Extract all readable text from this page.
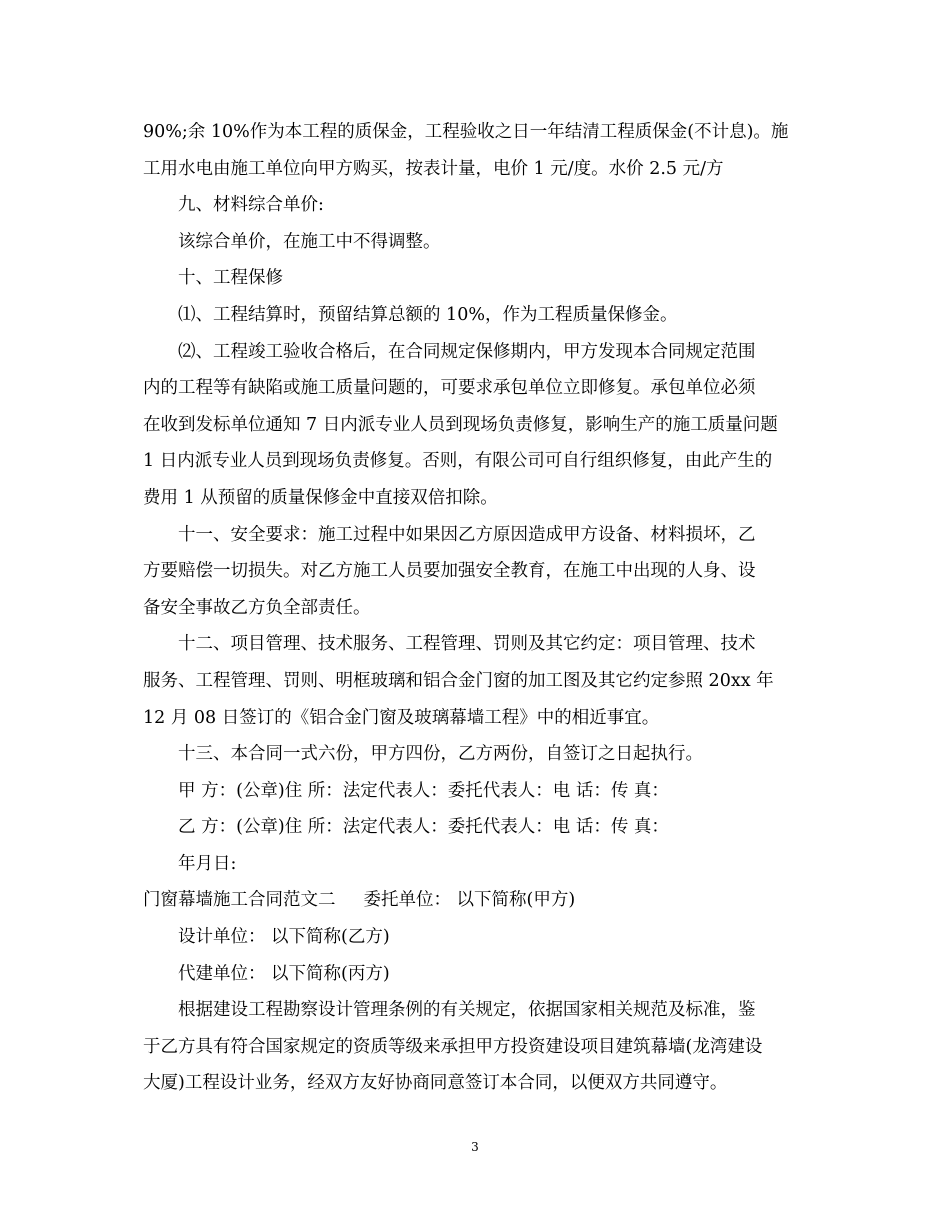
90%;余 10%作为本工程的质保金，工程验收之日一年结清工程质保金(不计息)。施

工用水电由施工单位向甲方购买，按表计量，电价 1 元/度。水价 2.5 元/方

九、材料综合单价:

该综合单价，在施工中不得调整。

十、工程保修

⑴、工程结算时，预留结算总额的 10%，作为工程质量保修金。

⑵、工程竣工验收合格后，在合同规定保修期内，甲方发现本合同规定范围

内的工程等有缺陷或施工质量问题的，可要求承包单位立即修复。承包单位必须

在收到发标单位通知 7 日内派专业人员到现场负责修复，影响生产的施工质量问题

1 日内派专业人员到现场负责修复。否则，有限公司可自行组织修复，由此产生的

费用 1 从预留的质量保修金中直接双倍扣除。

十一、安全要求：施工过程中如果因乙方原因造成甲方设备、材料损坏，乙

方要赔偿一切损失。对乙方施工人员要加强安全教育，在施工中出现的人身、设

备安全事故乙方负全部责任。

十二、项目管理、技术服务、工程管理、罚则及其它约定：项目管理、技术

服务、工程管理、罚则、明框玻璃和铝合金门窗的加工图及其它约定参照 20xx 年

12 月 08 日签订的《铝合金门窗及玻璃幕墙工程》中的相近事宜。

十三、本合同一式六份，甲方四份，乙方两份，自签订之日起执行。

甲 方：(公章)住 所：法定代表人：委托代表人：电 话：传 真：

乙 方：(公章)住 所：法定代表人：委托代表人：电 话：传 真：

年月日:

门窗幕墙施工合同范文二 委托单位： 以下简称(甲方)

设计单位： 以下简称(乙方)

代建单位： 以下简称(丙方)

根据建设工程勘察设计管理条例的有关规定，依据国家相关规范及标准，鉴

于乙方具有符合国家规定的资质等级来承担甲方投资建设项目建筑幕墙(龙湾建设

大厦)工程设计业务，经双方友好协商同意签订本合同，以便双方共同遵守。

3
